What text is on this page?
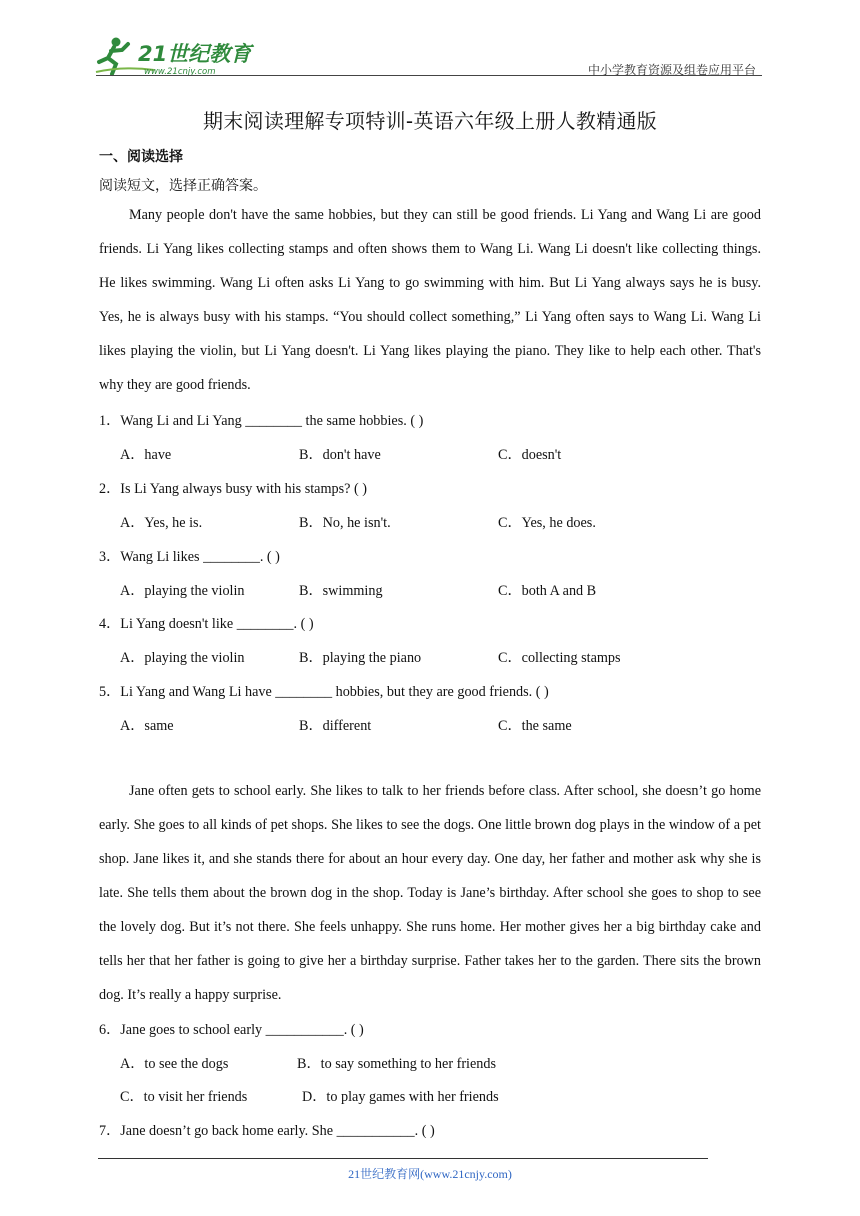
21世纪教育
www.21cnjy.com	中小学教育资源及组卷应用平台
期末阅读理解专项特训-英语六年级上册人教精通版
一、阅读选择
阅读短文，选择正确答案。

Many people don't have the same hobbies, but they can still be good friends. Li Yang and Wang Li are good friends. Li Yang likes collecting stamps and often shows them to Wang Li. Wang Li doesn't like collecting things. He likes swimming. Wang Li often asks Li Yang to go swimming with him. But Li Yang always says he is busy. Yes, he is always busy with his stamps. “You should collect something,” Li Yang often says to Wang Li. Wang Li likes playing the violin, but Li Yang doesn't. Li Yang likes playing the piano. They like to help each other. That's why they are good friends.

1．Wang Li and Li Yang ________ the same hobbies. ( )
A．have	B．don't have	C．doesn't
2．Is Li Yang always busy with his stamps? ( )
A．Yes, he is.	B．No, he isn't.	C．Yes, he does.
3．Wang Li likes ________. ( )
A．playing the violin	B．swimming	C．both A and B
4．Li Yang doesn't like ________. ( )
A．playing the violin	B．playing the piano	C．collecting stamps
5．Li Yang and Wang Li have ________ hobbies, but they are good friends. ( )
A．same	B．different	C．the same

Jane often gets to school early. She likes to talk to her friends before class. After school, she doesn’t go home early. She goes to all kinds of pet shops. She likes to see the dogs. One little brown dog plays in the window of a pet shop. Jane likes it, and she stands there for about an hour every day. One day, her father and mother ask why she is late. She tells them about the brown dog in the shop. Today is Jane’s birthday. After school she goes to shop to see the lovely dog. But it’s not there. She feels unhappy. She runs home. Her mother gives her a big birthday cake and tells her that her father is going to give her a birthday surprise. Father takes her to the garden. There sits the brown dog. It’s really a happy surprise.

6．Jane goes to school early ___________. ( )
A．to see the dogs	B．to say something to her friends
C．to visit her friends	D．to play games with her friends
7．Jane doesn’t go back home early. She ___________. ( )
21世纪教育网(www.21cnjy.com)
